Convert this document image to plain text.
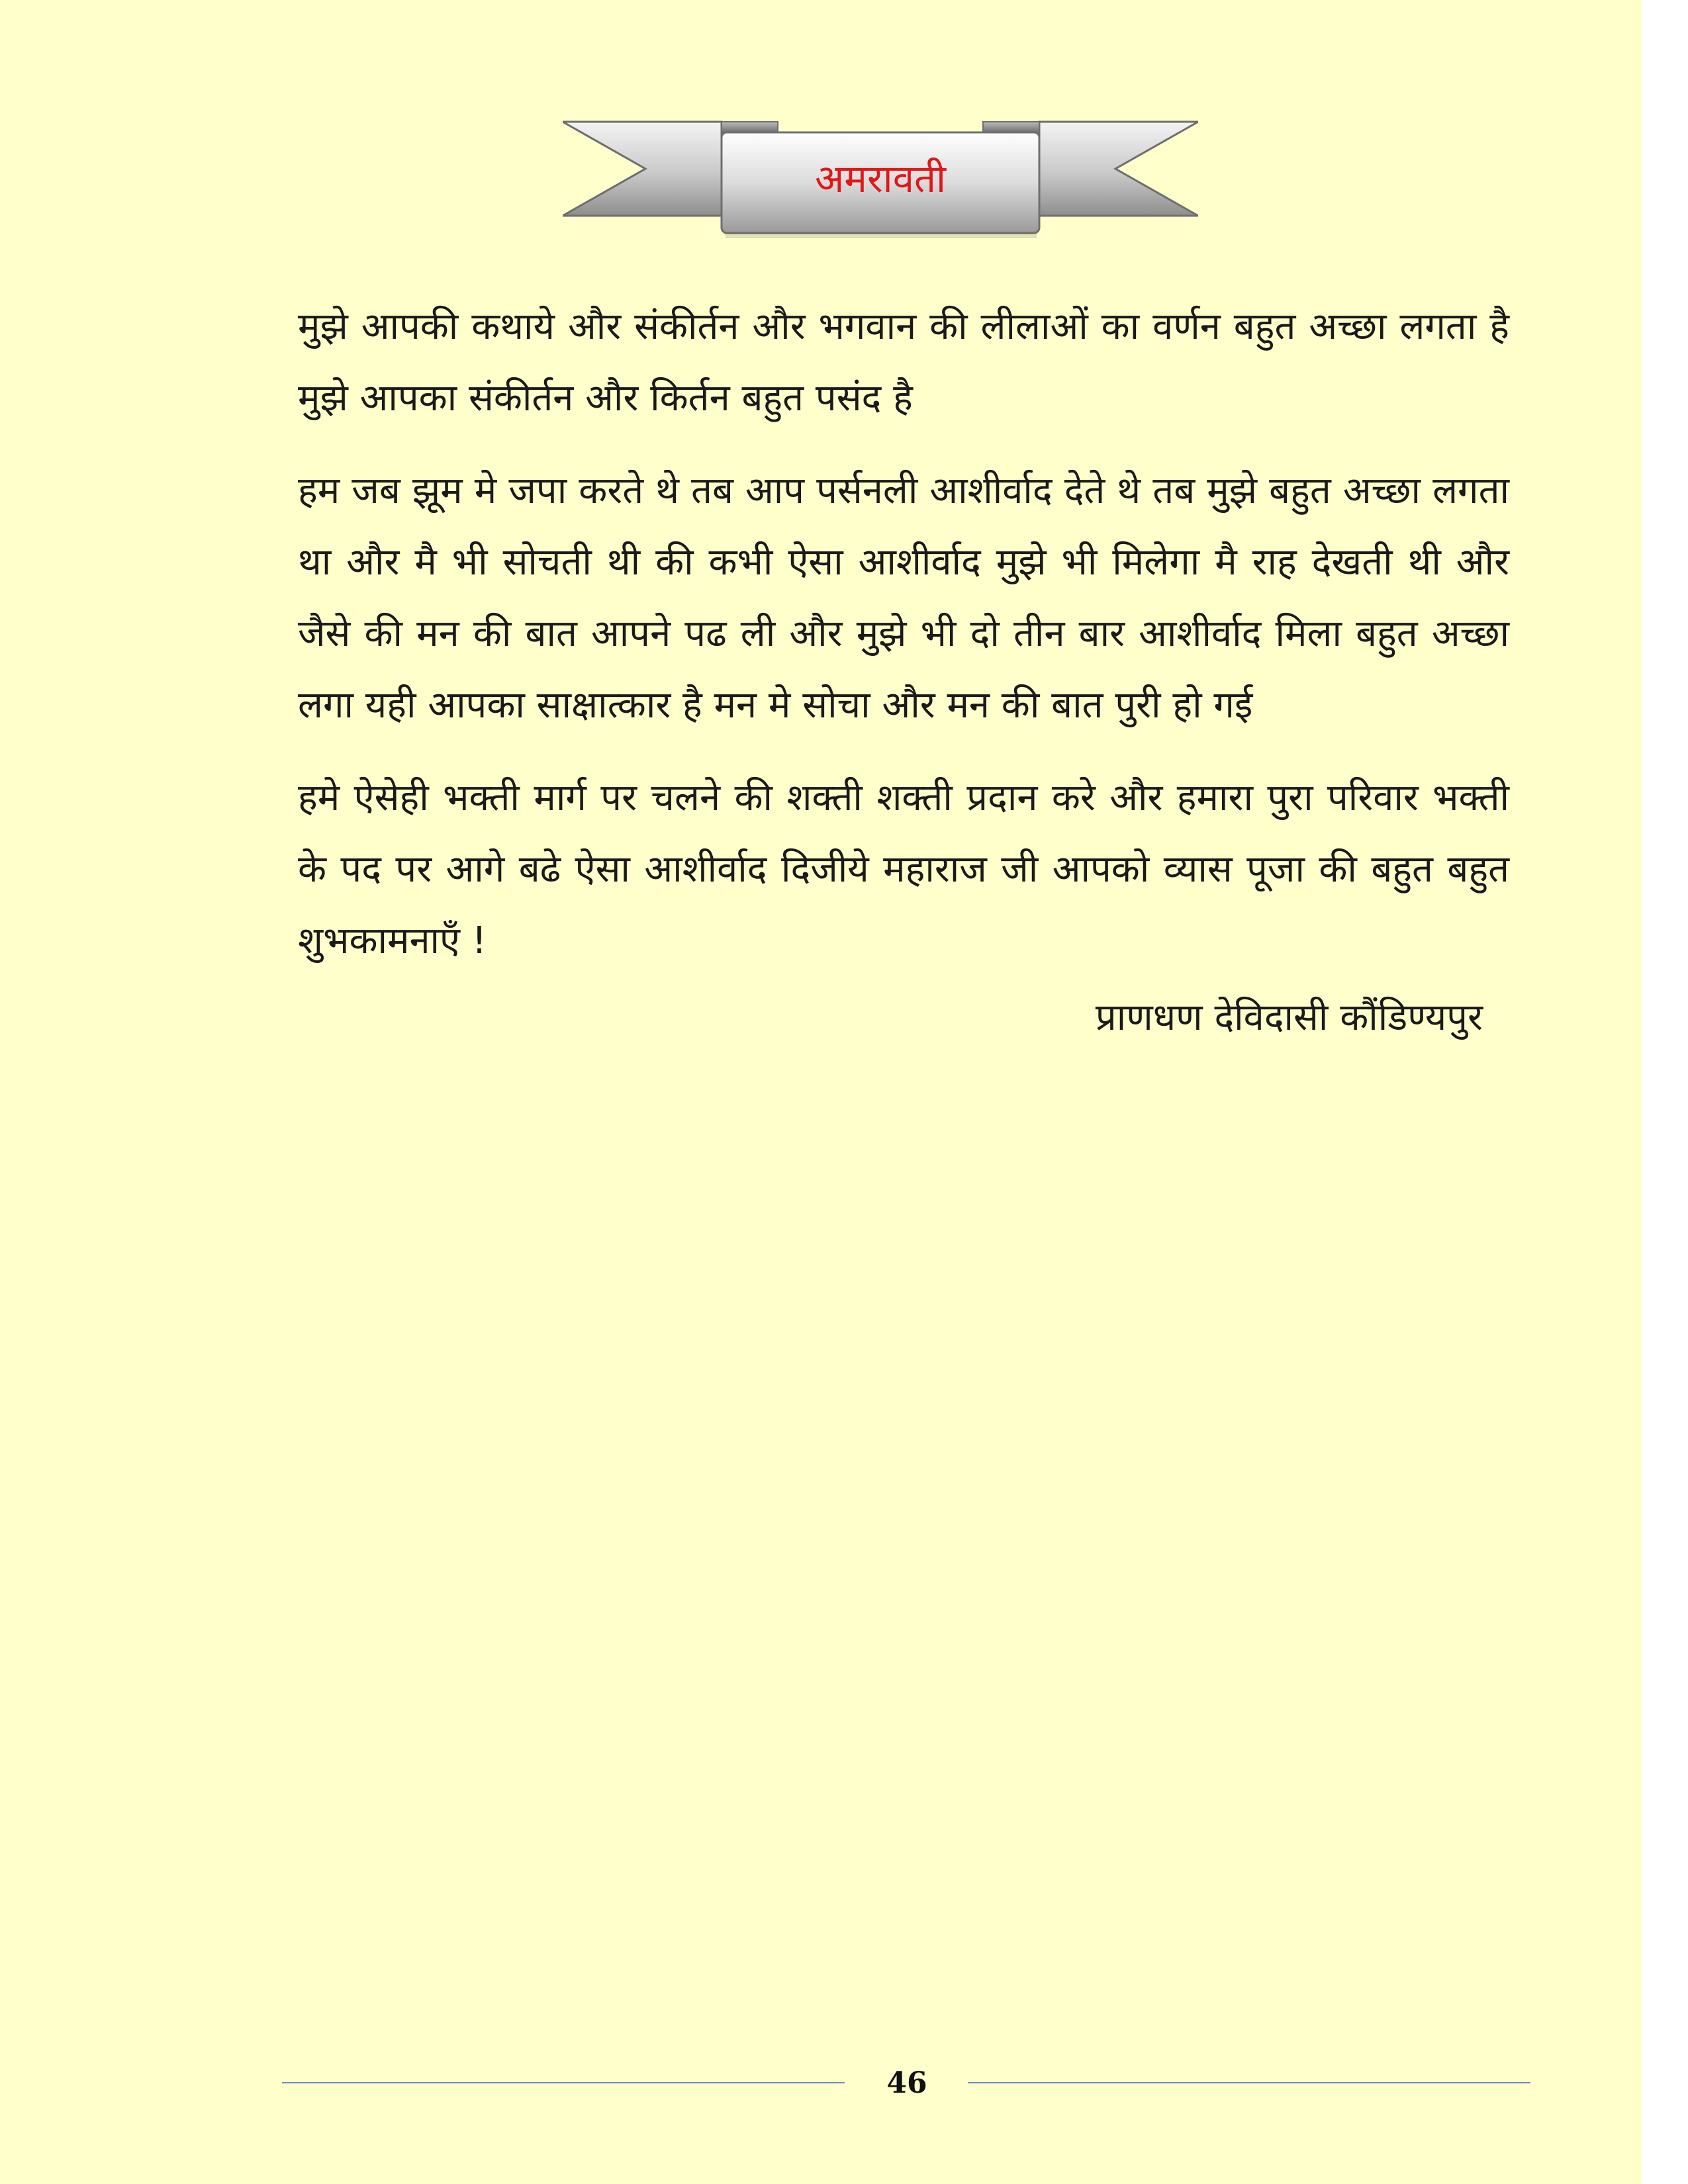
अमरावती

मुझे आपकी कथाये और संकीर्तन और भगवान की लीलाओं का वर्णन बहुत अच्छा लगता है मुझे आपका संकीर्तन और किर्तन बहुत पसंद है

हम जब झूम मे जपा करते थे तब आप पर्सनली आशीर्वाद देते थे तब मुझे बहुत अच्छा लगता था और मै भी सोचती थी की कभी ऐसा आशीर्वाद मुझे भी मिलेगा मै राह देखती थी और जैसे की मन की बात आपने पढ ली और मुझे भी दो तीन बार आशीर्वाद मिला बहुत अच्छा लगा यही आपका साक्षात्कार है मन मे सोचा और मन की बात पुरी हो गई

हमे ऐसेही भक्ती मार्ग पर चलने की शक्ती शक्ती प्रदान करे और हमारा पुरा परिवार भक्ती के पद पर आगे बढे ऐसा आशीर्वाद दिजीये महाराज जी आपको व्यास पूजा की बहुत बहुत शुभकामनाएँ !

प्राणधण देविदासी कौंडिण्यपुर
46
